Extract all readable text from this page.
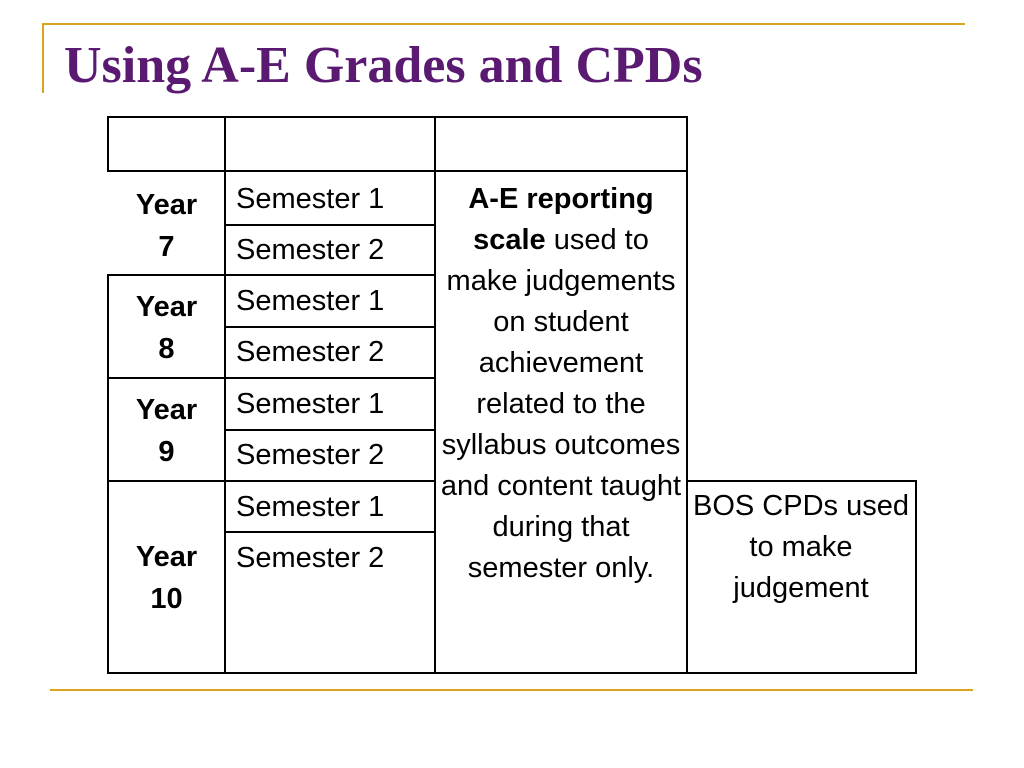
Using A-E Grades and CPDs
Year
7
Semester 1
Semester 2
Year
8
Semester 1
Semester 2
Year
9
Semester 1
Semester 2
Year
10
Semester 1
Semester 2
A-E reporting scale used to make judgements on student achievement related to the syllabus outcomes and content taught during that semester only.
BOS CPDs used to make judgement
